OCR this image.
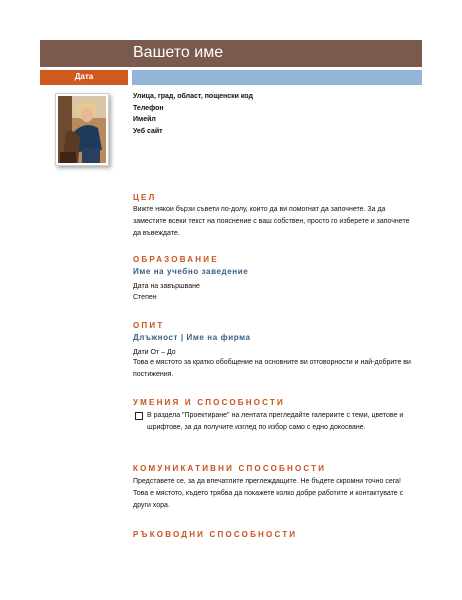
Вашето име
Дата
Улица, град, област, пощенски код
Телефон
Имейл
Уеб сайт
ЦЕЛ
Вижте някои бързи съвети по-долу, които да ви помогнат да започнете. За да заместите всеки текст на пояснение с ваш собствен, просто го изберете и започнете да въвеждате.
ОБРАЗОВАНИЕ
Име на учебно заведение
Дата на завършване
Степен
ОПИТ
Длъжност | Име на фирма
Дати От – До
Това е мястото за кратко обобщение на основните ви отговорности и най-добрите ви постижения.
УМЕНИЯ И СПОСОБНОСТИ
В раздела "Проектиране" на лентата прегледайте галериите с теми, цветове и шрифтове, за да получите изглед по избор само с едно докосване.
КОМУНИКАТИВНИ СПОСОБНОСТИ
Представете се, за да впечатлите преглеждащите. Не бъдете скромни точно сега! Това е мястото, където трябва да покажете колко добре работите и контактувате с други хора.
РЪКОВОДНИ СПОСОБНОСТИ
